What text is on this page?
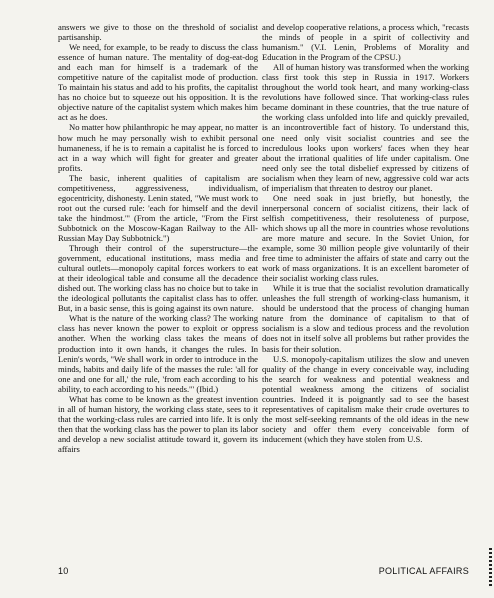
answers we give to those on the threshold of socialist partisanship.

We need, for example, to be ready to discuss the class essence of human nature. The mentality of dog-eat-dog and each man for himself is a trademark of the competitive nature of the capitalist mode of production. To maintain his status and add to his profits, the capitalist has no choice but to squeeze out his opposition. It is the objective nature of the capitalist system which makes him act as he does.

No matter how philanthropic he may appear, no matter how much he may personally wish to exhibit personal humaneness, if he is to remain a capitalist he is forced to act in a way which will fight for greater and greater profits.

The basic, inherent qualities of capitalism are competitiveness, aggressiveness, individualism, egocentricity, dishonesty. Lenin stated, "We must work to root out the cursed rule: 'each for himself and the devil take the hindmost.'" (From the article, "From the First Subbotnick on the Moscow-Kagan Railway to the All-Russian May Day Subbotnick.")

Through their control of the superstructure—the government, educational institutions, mass media and cultural outlets—monopoly capital forces workers to eat at their ideological table and consume all the decadence dished out. The working class has no choice but to take in the ideological pollutants the capitalist class has to offer. But, in a basic sense, this is going against its own nature.

What is the nature of the working class? The working class has never known the power to exploit or oppress another. When the working class takes the means of production into it own hands, it changes the rules. In Lenin's words, "We shall work in order to introduce in the minds, habits and daily life of the masses the rule: 'all for one and one for all,' the rule, 'from each according to his ability, to each according to his needs.'" (Ibid.)

What has come to be known as the greatest invention in all of human history, the working class state, sees to it that the working-class rules are carried into life. It is only then that the working class has the power to plan its labor and develop a new socialist attitude toward it, govern its affairs

and develop cooperative relations, a process which, "recasts the minds of people in a spirit of collectivity and humanism." (V.I. Lenin, Problems of Morality and Education in the Program of the CPSU.)

All of human history was transformed when the working class first took this step in Russia in 1917. Workers throughout the world took heart, and many working-class revolutions have followed since. That working-class rules became dominant in these countries, that the true nature of the working class unfolded into life and quickly prevailed, is an incontrovertible fact of history. To understand this, one need only visit socialist countries and see the incredulous looks upon workers' faces when they hear about the irrational qualities of life under capitalism. One need only see the total disbelief expressed by citizens of socialism when they learn of new, aggressive cold war acts of imperialism that threaten to destroy our planet.

One need soak in just briefly, but honestly, the innerpersonal concern of socialist citizens, their lack of selfish competitiveness, their resoluteness of purpose, which shows up all the more in countries whose revolutions are more mature and secure. In the Soviet Union, for example, some 30 million people give voluntarily of their free time to administer the affairs of state and carry out the work of mass organizations. It is an excellent barometer of their socialist working class rules.

While it is true that the socialist revolution dramatically unleashes the full strength of working-class humanism, it should be understood that the process of changing human nature from the dominance of capitalism to that of socialism is a slow and tedious process and the revolution does not in itself solve all problems but rather provides the basis for their solution.

U.S. monopoly-capitalism utilizes the slow and uneven quality of the change in every conceivable way, including the search for weakness and potential weakness and potential weakness among the citizens of socialist countries. Indeed it is poignantly sad to see the basest representatives of capitalism make their crude overtures to the most self-seeking remnants of the old ideas in the new society and offer them every conceivable form of inducement (which they have stolen from U.S.

10	POLITICAL AFFAIRS
